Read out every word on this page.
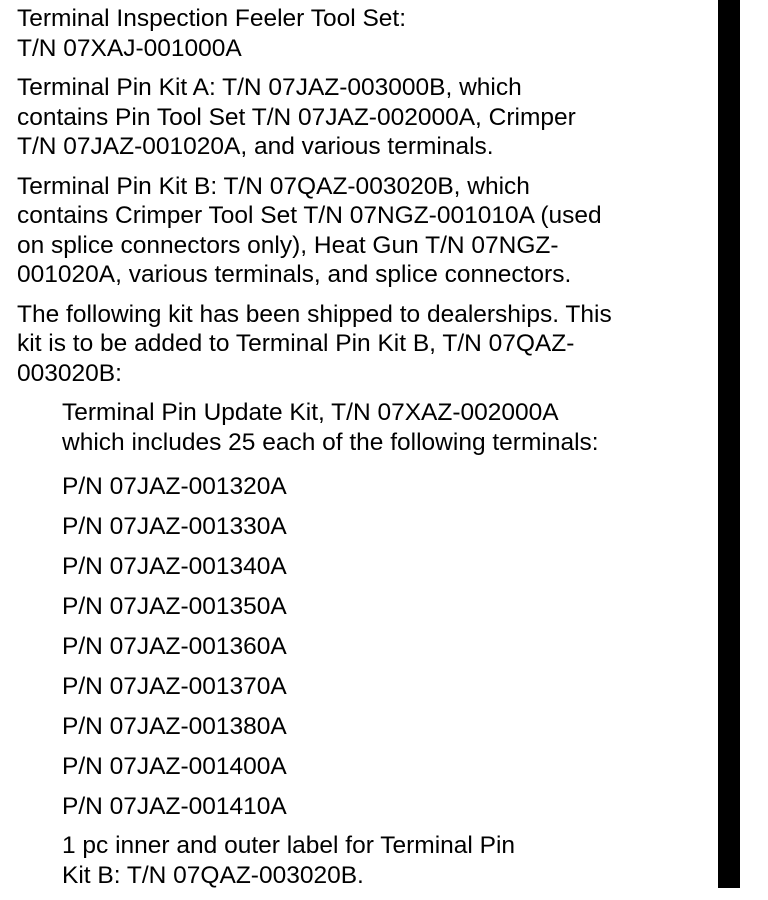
Terminal Inspection Feeler Tool Set:
T/N 07XAJ-001000A

Terminal Pin Kit A: T/N 07JAZ-003000B, which
contains Pin Tool Set T/N 07JAZ-002000A, Crimper
T/N 07JAZ-001020A, and various terminals.

Terminal Pin Kit B: T/N 07QAZ-003020B, which
contains Crimper Tool Set T/N 07NGZ-001010A (used
on splice connectors only), Heat Gun T/N 07NGZ-
001020A, various terminals, and splice connectors.

The following kit has been shipped to dealerships. This
kit is to be added to Terminal Pin Kit B, T/N 07QAZ-
003020B:

Terminal Pin Update Kit, T/N 07XAZ-002000A
which includes 25 each of the following terminals:

P/N 07JAZ-001320A

P/N 07JAZ-001330A

P/N 07JAZ-001340A

P/N 07JAZ-001350A

P/N 07JAZ-001360A

P/N 07JAZ-001370A

P/N 07JAZ-001380A

P/N 07JAZ-001400A

P/N 07JAZ-001410A

1 pc inner and outer label for Terminal Pin
Kit B: T/N 07QAZ-003020B.
